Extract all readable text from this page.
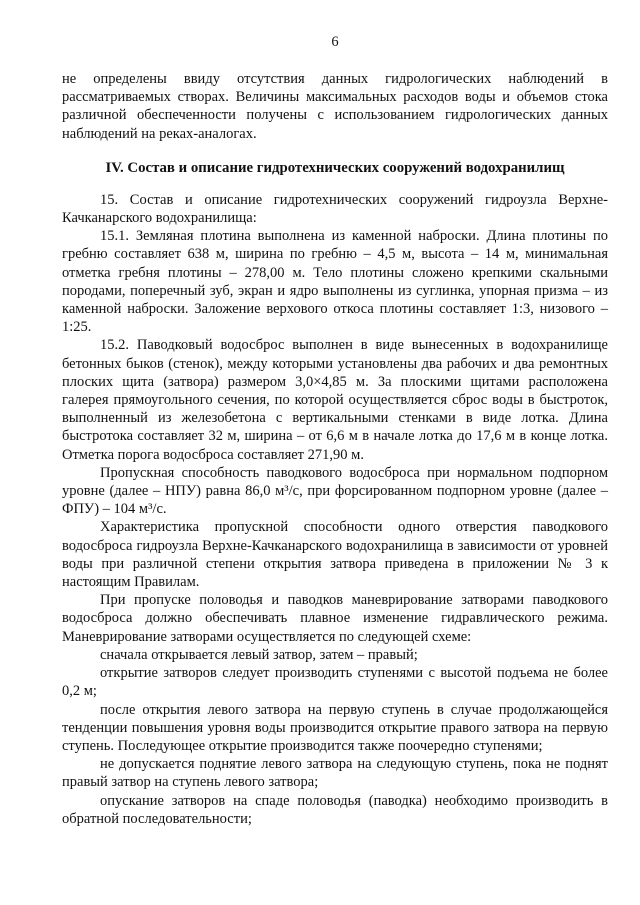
6

не определены ввиду отсутствия данных гидрологических наблюдений в рассматриваемых створах. Величины максимальных расходов воды и объемов стока различной обеспеченности получены с использованием гидрологических данных наблюдений на реках-аналогах.

IV. Состав и описание гидротехнических сооружений водохранилищ

15. Состав и описание гидротехнических сооружений гидроузла Верхне-Качканарского водохранилища:

15.1. Земляная плотина выполнена из каменной наброски. Длина плотины по гребню составляет 638 м, ширина по гребню – 4,5 м, высота – 14 м, минимальная отметка гребня плотины – 278,00 м. Тело плотины сложено крепкими скальными породами, поперечный зуб, экран и ядро выполнены из суглинка, упорная призма – из каменной наброски. Заложение верхового откоса плотины составляет 1:3, низового – 1:25.

15.2. Паводковый водосброс выполнен в виде вынесенных в водохранилище бетонных быков (стенок), между которыми установлены два рабочих и два ремонтных плоских щита (затвора) размером 3,0×4,85 м. За плоскими щитами расположена галерея прямоугольного сечения, по которой осуществляется сброс воды в быстроток, выполненный из железобетона с вертикальными стенками в виде лотка. Длина быстротока составляет 32 м, ширина – от 6,6 м в начале лотка до 17,6 м в конце лотка. Отметка порога водосброса составляет 271,90 м.

Пропускная способность паводкового водосброса при нормальном подпорном уровне (далее – НПУ) равна 86,0 м³/с, при форсированном подпорном уровне (далее – ФПУ) – 104 м³/с.

Характеристика пропускной способности одного отверстия паводкового водосброса гидроузла Верхне-Качканарского водохранилища в зависимости от уровней воды при различной степени открытия затвора приведена в приложении № 3 к настоящим Правилам.

При пропуске половодья и паводков маневрирование затворами паводкового водосброса должно обеспечивать плавное изменение гидравлического режима. Маневрирование затворами осуществляется по следующей схеме:

сначала открывается левый затвор, затем – правый;

открытие затворов следует производить ступенями с высотой подъема не более 0,2 м;

после открытия левого затвора на первую ступень в случае продолжающейся тенденции повышения уровня воды производится открытие правого затвора на первую ступень. Последующее открытие производится также поочередно ступенями;

не допускается поднятие левого затвора на следующую ступень, пока не поднят правый затвор на ступень левого затвора;

опускание затворов на спаде половодья (паводка) необходимо производить в обратной последовательности;
